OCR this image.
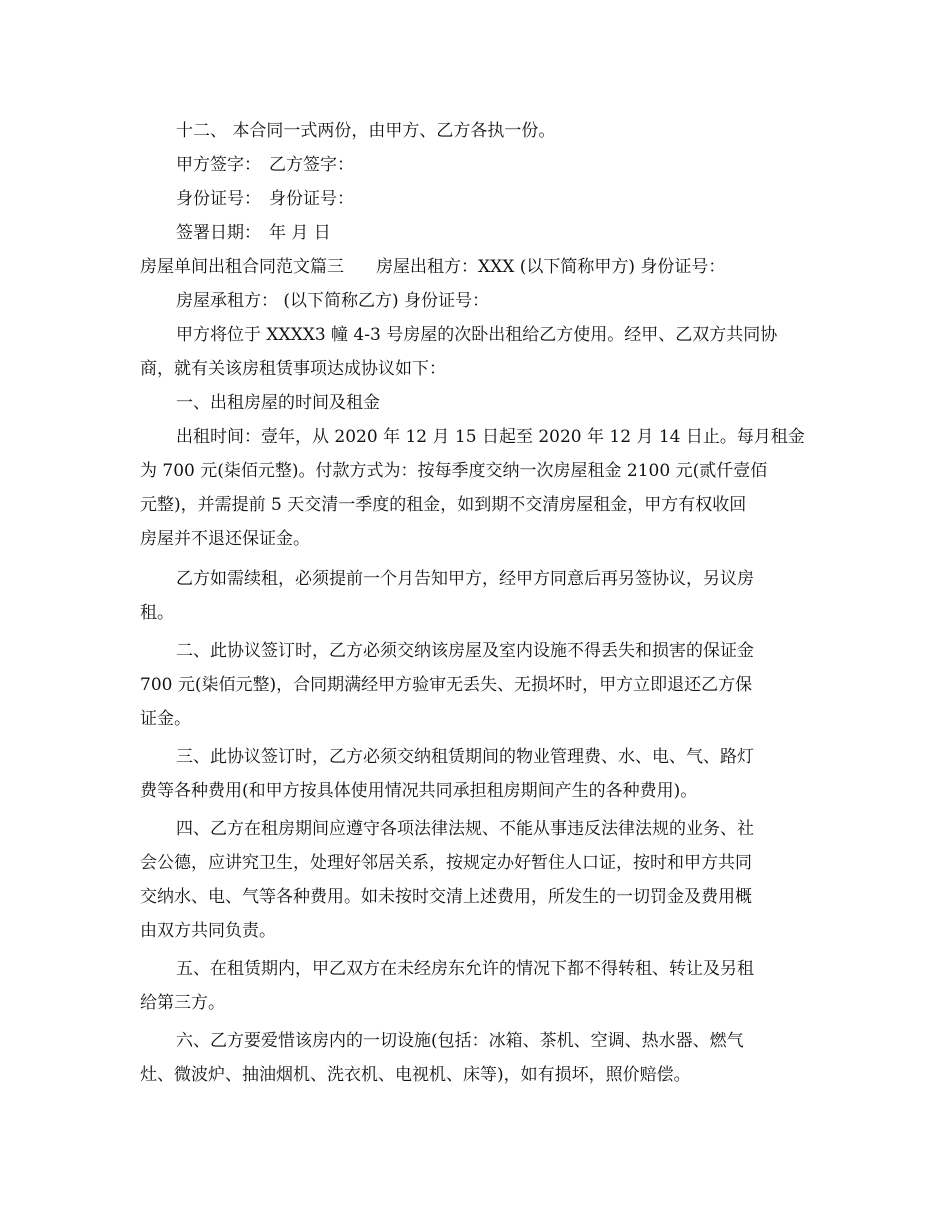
十二、 本合同一式两份，由甲方、乙方各执一份。

甲方签字： 乙方签字：

身份证号： 身份证号：

签署日期： 年 月 日

房屋单间出租合同范文篇三 房屋出租方：XXX (以下简称甲方) 身份证号：

房屋承租方： (以下简称乙方) 身份证号：

甲方将位于 XXXX3 幢 4-3 号房屋的次卧出租给乙方使用。经甲、乙双方共同协

商，就有关该房租赁事项达成协议如下：

一、出租房屋的时间及租金

出租时间：壹年，从 2020 年 12 月 15 日起至 2020 年 12 月 14 日止。每月租金

为 700 元(柒佰元整)。付款方式为：按每季度交纳一次房屋租金 2100 元(贰仟壹佰

元整)，并需提前 5 天交清一季度的租金，如到期不交清房屋租金，甲方有权收回

房屋并不退还保证金。

乙方如需续租，必须提前一个月告知甲方，经甲方同意后再另签协议，另议房

租。

二、此协议签订时，乙方必须交纳该房屋及室内设施不得丢失和损害的保证金

700 元(柒佰元整)，合同期满经甲方验审无丢失、无损坏时，甲方立即退还乙方保

证金。

三、此协议签订时，乙方必须交纳租赁期间的物业管理费、水、电、气、路灯

费等各种费用(和甲方按具体使用情况共同承担租房期间产生的各种费用)。

四、乙方在租房期间应遵守各项法律法规、不能从事违反法律法规的业务、社

会公德，应讲究卫生，处理好邻居关系，按规定办好暂住人口证，按时和甲方共同

交纳水、电、气等各种费用。如未按时交清上述费用，所发生的一切罚金及费用概

由双方共同负责。

五、在租赁期内，甲乙双方在未经房东允许的情况下都不得转租、转让及另租

给第三方。

六、乙方要爱惜该房内的一切设施(包括：冰箱、茶机、空调、热水器、燃气

灶、微波炉、抽油烟机、洗衣机、电视机、床等)，如有损坏，照价赔偿。
